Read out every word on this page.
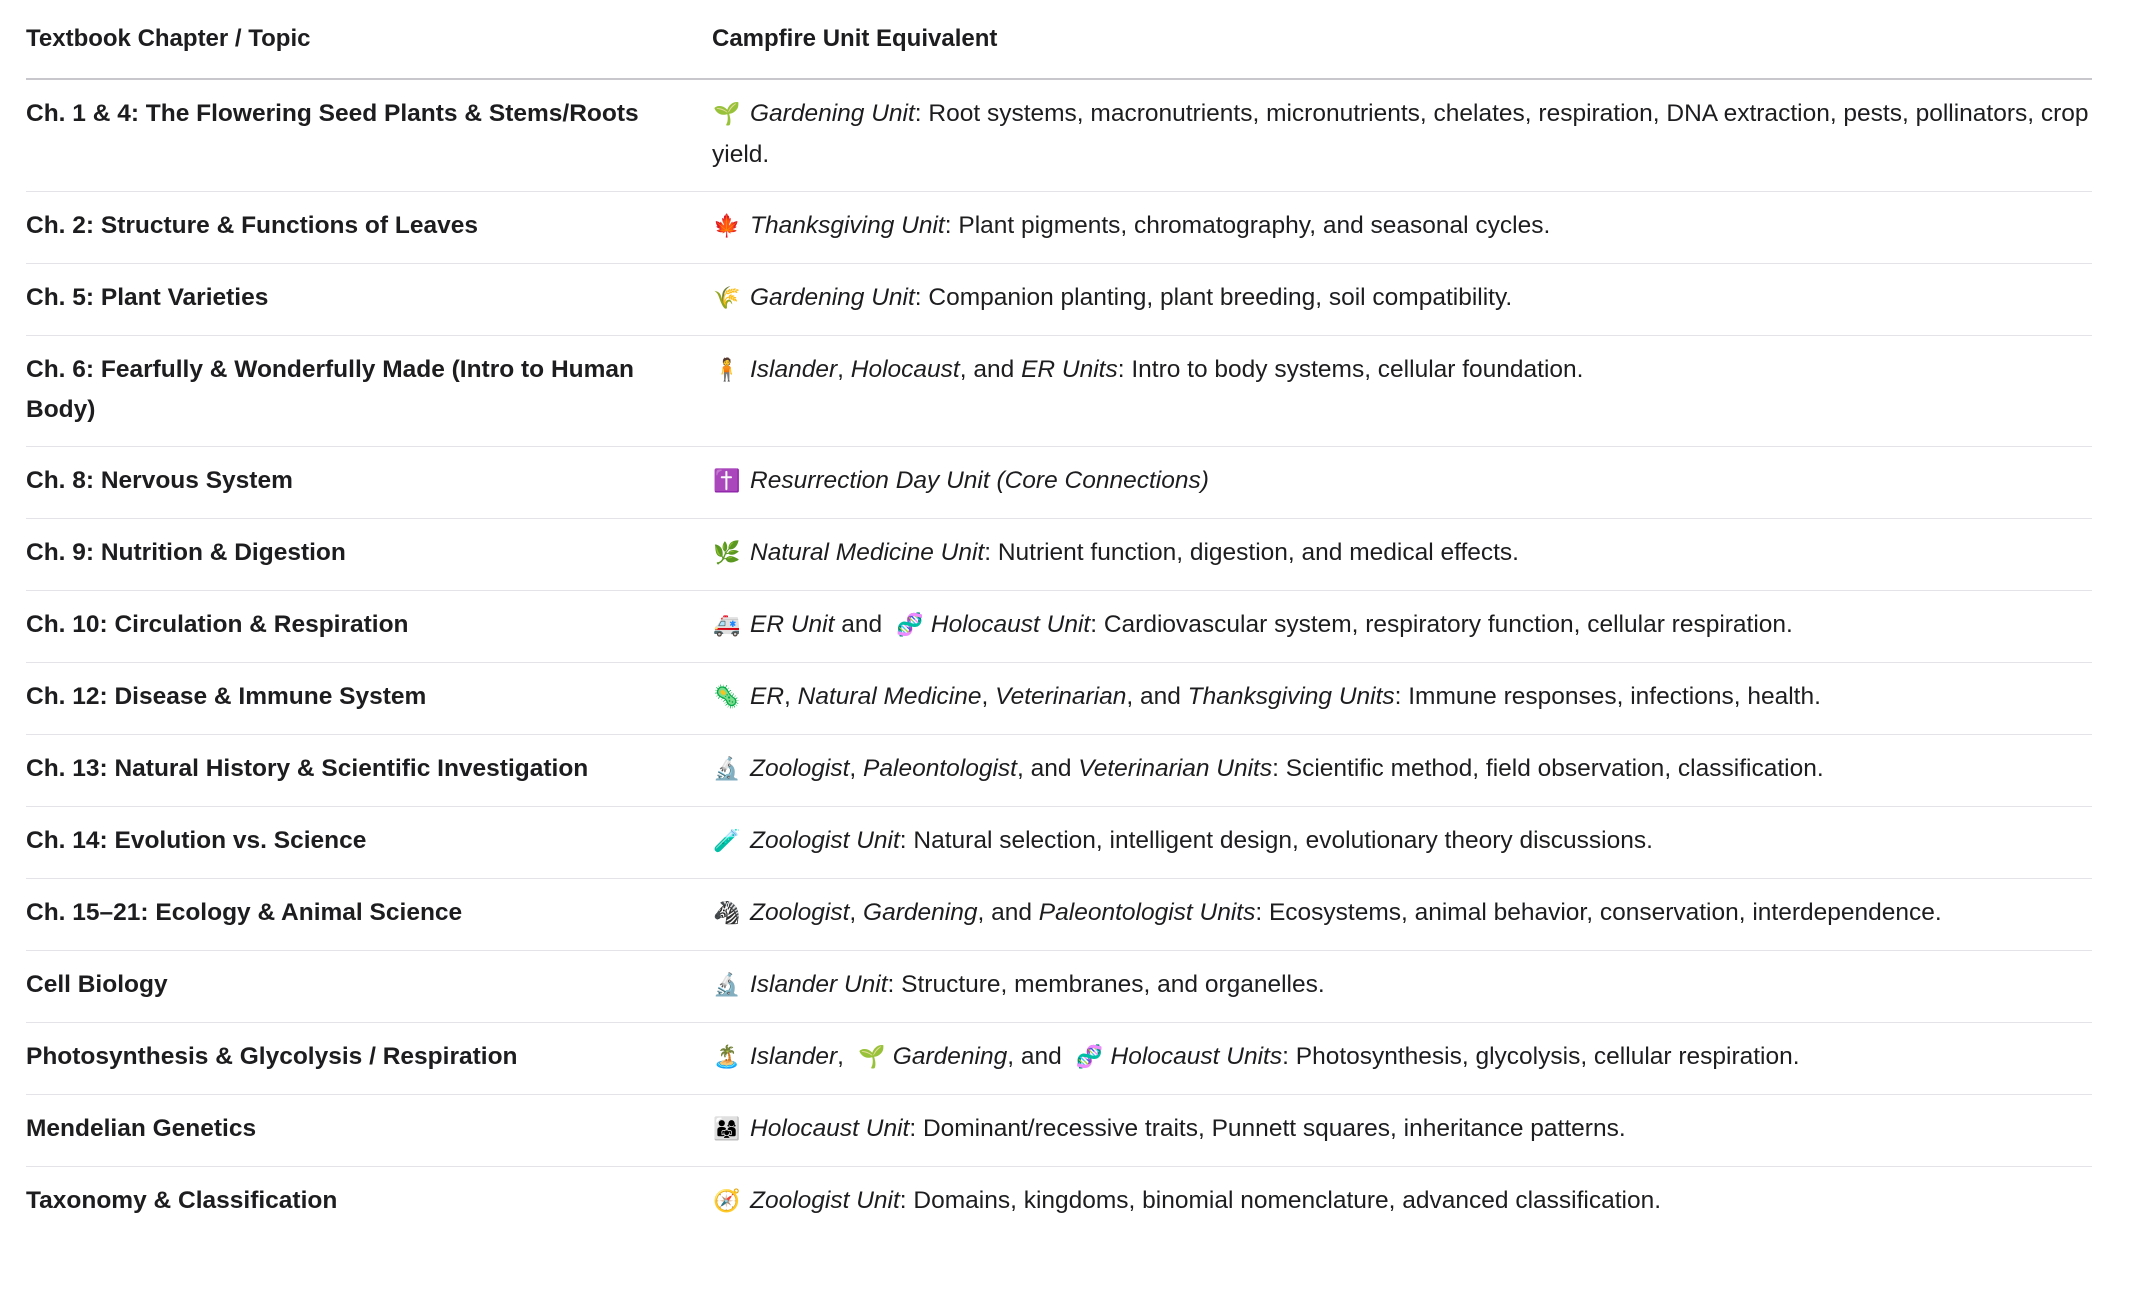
Textbook Chapter / Topic	Campfire Unit Equivalent
Ch. 1 & 4: The Flowering Seed Plants & Stems/Roots	🌱 Gardening Unit: Root systems, macronutrients, micronutrients, chelates, respiration, DNA extraction, pests, pollinators, crop yield.
Ch. 2: Structure & Functions of Leaves	🍁 Thanksgiving Unit: Plant pigments, chromatography, and seasonal cycles.
Ch. 5: Plant Varieties	🌾 Gardening Unit: Companion planting, plant breeding, soil compatibility.
Ch. 6: Fearfully & Wonderfully Made (Intro to Human Body)	🧍 Islander, Holocaust, and ER Units: Intro to body systems, cellular foundation.
Ch. 8: Nervous System	✝️ Resurrection Day Unit (Core Connections)
Ch. 9: Nutrition & Digestion	🌿 Natural Medicine Unit: Nutrient function, digestion, and medical effects.
Ch. 10: Circulation & Respiration	🚑 ER Unit and 🧬 Holocaust Unit: Cardiovascular system, respiratory function, cellular respiration.
Ch. 12: Disease & Immune System	🦠 ER, Natural Medicine, Veterinarian, and Thanksgiving Units: Immune responses, infections, health.
Ch. 13: Natural History & Scientific Investigation	🔬 Zoologist, Paleontologist, and Veterinarian Units: Scientific method, field observation, classification.
Ch. 14: Evolution vs. Science	🧪 Zoologist Unit: Natural selection, intelligent design, evolutionary theory discussions.
Ch. 15–21: Ecology & Animal Science	🦓 Zoologist, Gardening, and Paleontologist Units: Ecosystems, animal behavior, conservation, interdependence.
Cell Biology	🔬 Islander Unit: Structure, membranes, and organelles.
Photosynthesis & Glycolysis / Respiration	🏝️ Islander, 🌱 Gardening, and 🧬 Holocaust Units: Photosynthesis, glycolysis, cellular respiration.
Mendelian Genetics	👨‍👩‍👧 Holocaust Unit: Dominant/recessive traits, Punnett squares, inheritance patterns.
Taxonomy & Classification	🧭 Zoologist Unit: Domains, kingdoms, binomial nomenclature, advanced classification.
